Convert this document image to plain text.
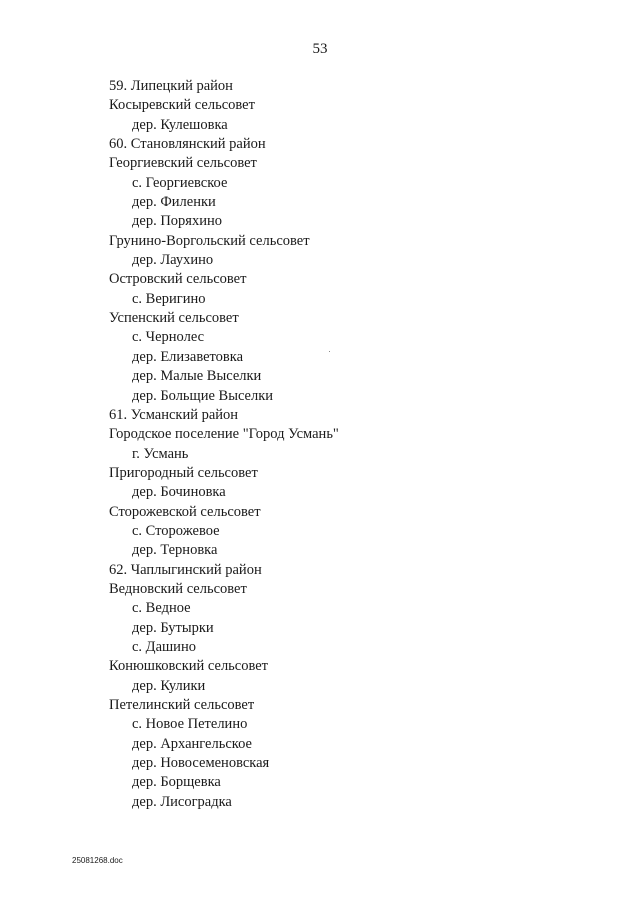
53
59. Липецкий район
Косыревский сельсовет
дер. Кулешовка
60. Становлянский район
Георгиевский сельсовет
с. Георгиевское
дер. Филенки
дер. Поряхино
Грунино-Воргольский сельсовет
дер. Лаухино
Островский сельсовет
с. Веригино
Успенский сельсовет
с. Чернолес
дер. Елизаветовка
дер. Малые Выселки
дер. Больщие Выселки
61. Усманский район
Городское поселение "Город Усмань"
г. Усмань
Пригородный сельсовет
дер. Бочиновка
Сторожевской сельсовет
с. Сторожевое
дер. Терновка
62. Чаплыгинский район
Ведновский сельсовет
с. Ведное
дер. Бутырки
с. Дашино
Конюшковский сельсовет
дер. Кулики
Петелинский сельсовет
с. Новое Петелино
дер. Архангельское
дер. Новосеменовская
дер. Борщевка
дер. Лисоградка
25081268.doc
